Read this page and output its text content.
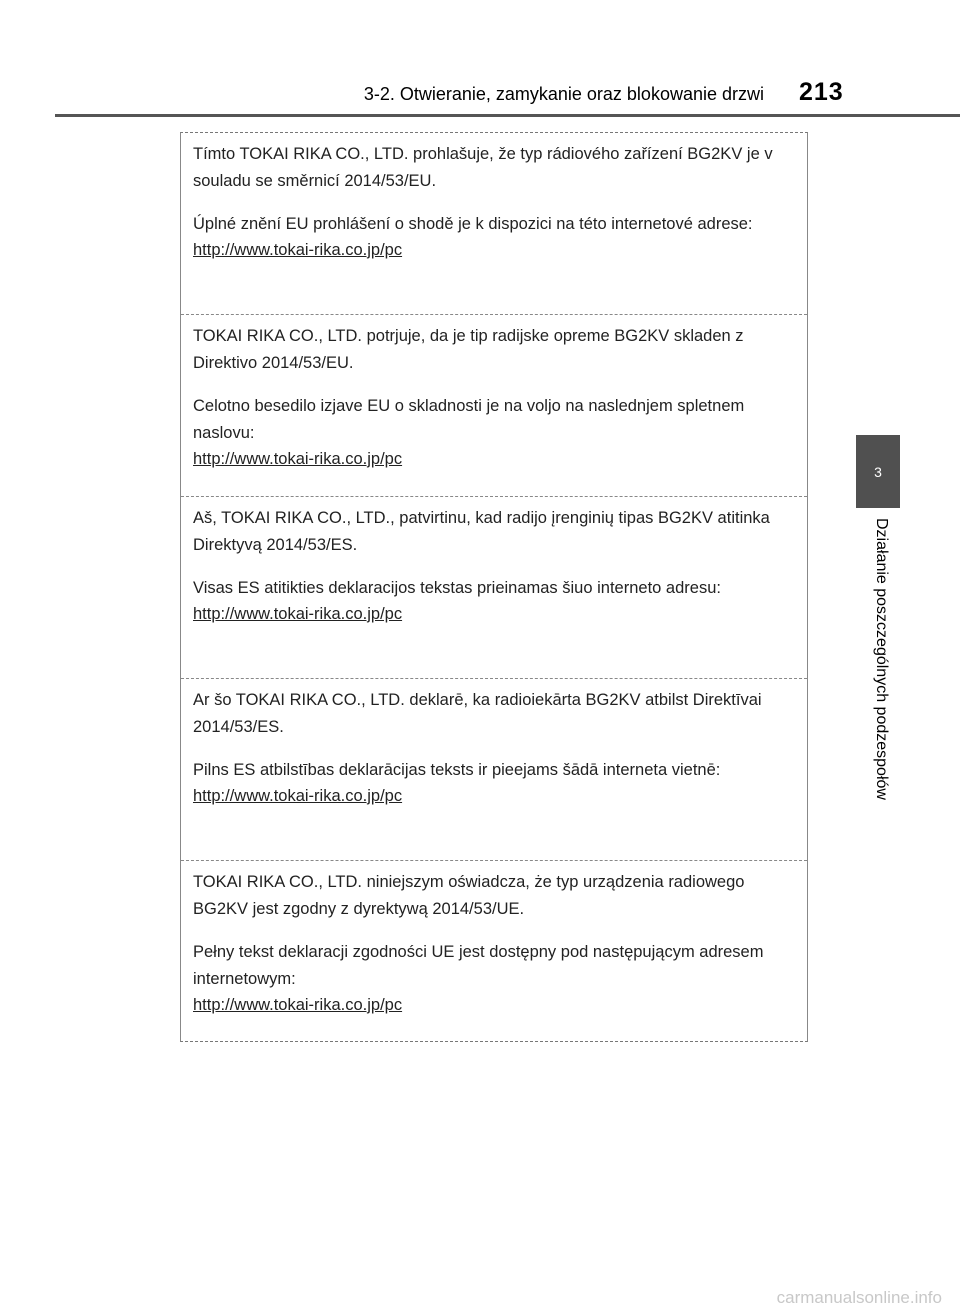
3-2. Otwieranie, zamykanie oraz blokowanie drzwi 213
3
Działanie poszczególnych podzespołów

Tímto TOKAI RIKA CO., LTD. prohlašuje, že typ rádiového zařízení BG2KV je v souladu se směrnicí 2014/53/EU.

Úplné znění EU prohlášení o shodě je k dispozici na této internetové adrese:

http://www.tokai-rika.co.jp/pc

TOKAI RIKA CO., LTD. potrjuje, da je tip radijske opreme BG2KV skladen z Direktivo 2014/53/EU.

Celotno besedilo izjave EU o skladnosti je na voljo na naslednjem spletnem naslovu:

http://www.tokai-rika.co.jp/pc

Aš, TOKAI RIKA CO., LTD., patvirtinu, kad radijo įrenginių tipas BG2KV atitinka Direktyvą 2014/53/ES.

Visas ES atitikties deklaracijos tekstas prieinamas šiuo interneto adresu:

http://www.tokai-rika.co.jp/pc

Ar šo TOKAI RIKA CO., LTD. deklarē, ka radioiekārta BG2KV atbilst Direktīvai 2014/53/ES.

Pilns ES atbilstības deklarācijas teksts ir pieejams šādā interneta vietnē:

http://www.tokai-rika.co.jp/pc

TOKAI RIKA CO., LTD. niniejszym oświadcza, że typ urządzenia radiowego BG2KV jest zgodny z dyrektywą 2014/53/UE.

Pełny tekst deklaracji zgodności UE jest dostępny pod następującym adresem internetowym:

http://www.tokai-rika.co.jp/pc
carmanualsonline.info
